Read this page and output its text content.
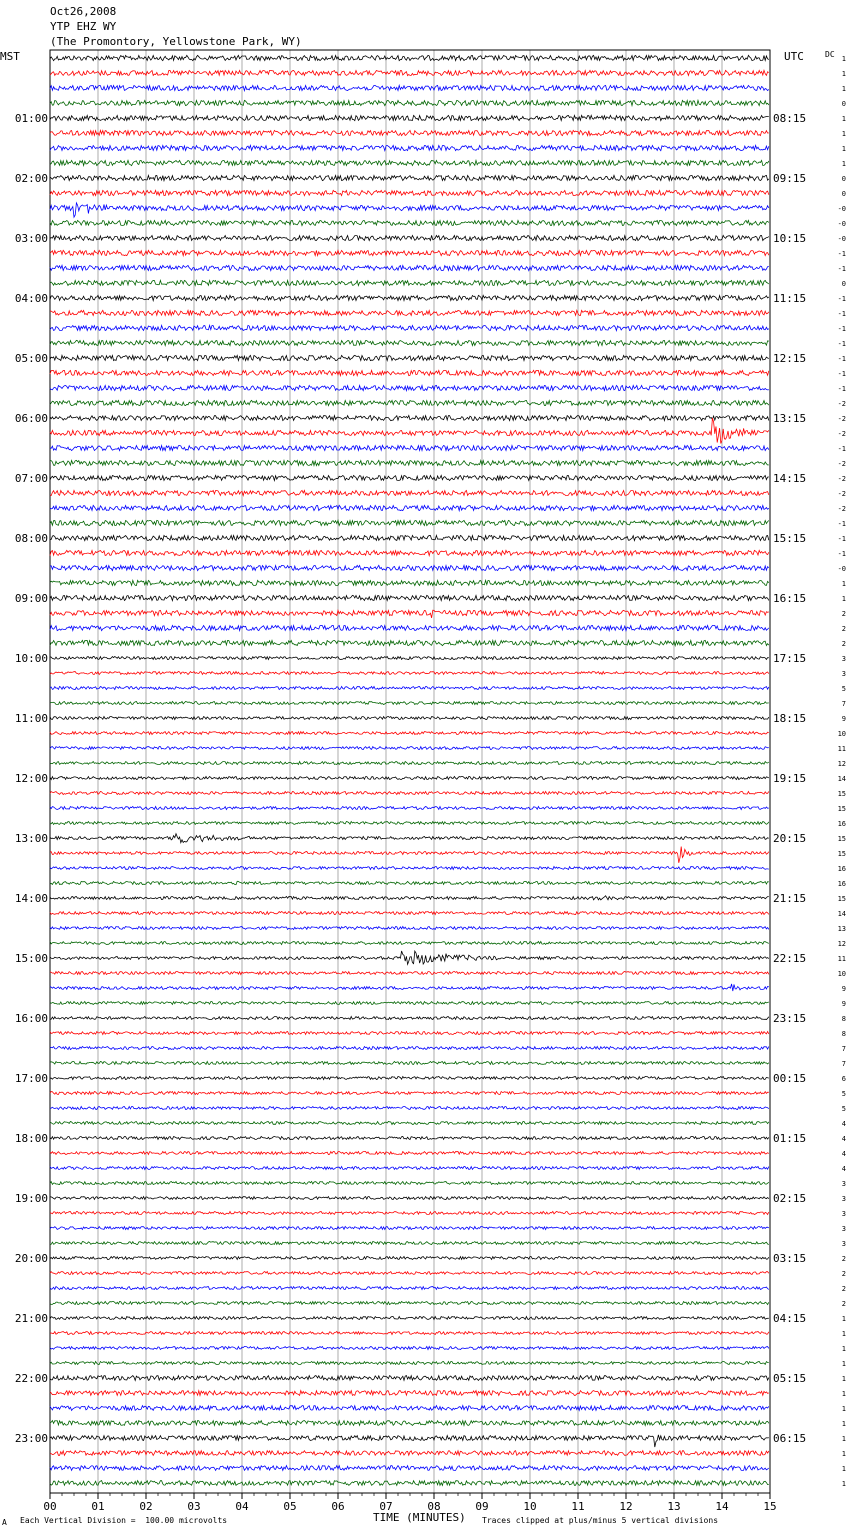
Oct26,2008
YTP EHZ WY
(The Promontory, Yellowstone Park, WY)
MST	UTC	DC
00	01	02	03	04	05	06	07	08	09	10	11	12	13	14	15
01:00
02:00
03:00
04:00
05:00
06:00
07:00
08:00
09:00
10:00
11:00
12:00
13:00
14:00
15:00
16:00
17:00
18:00
19:00
20:00
21:00
22:00
23:00
08:15
09:15
10:15
11:15
12:15
13:15
14:15
15:15
16:15
17:15
18:15
19:15
20:15
21:15
22:15
23:15
00:15
01:15
02:15
03:15
04:15
05:15
06:15
1
1
1
0
1
1
1
1
0
0
-0
-0
-0
-1
-1
0
-1
-1
-1
-1
-1
-1
-1
-2
-2
-2
-1
-2
-2
-2
-2
-1
-1
-1
-0
1
1
2
2
2
3
3
5
7
9
10
11
12
14
15
15
16
15
15
16
16
15
14
13
12
11
10
9
9
8
8
7
7
6
5
5
4
4
4
4
3
3
3
3
3
2
2
2
2
1
1
1
1
1
1
1
1
1
1
1
1
TIME (MINUTES)
A Each Vertical Division =  100.00 microvolts	Traces clipped at plus/minus 5 vertical divisions
